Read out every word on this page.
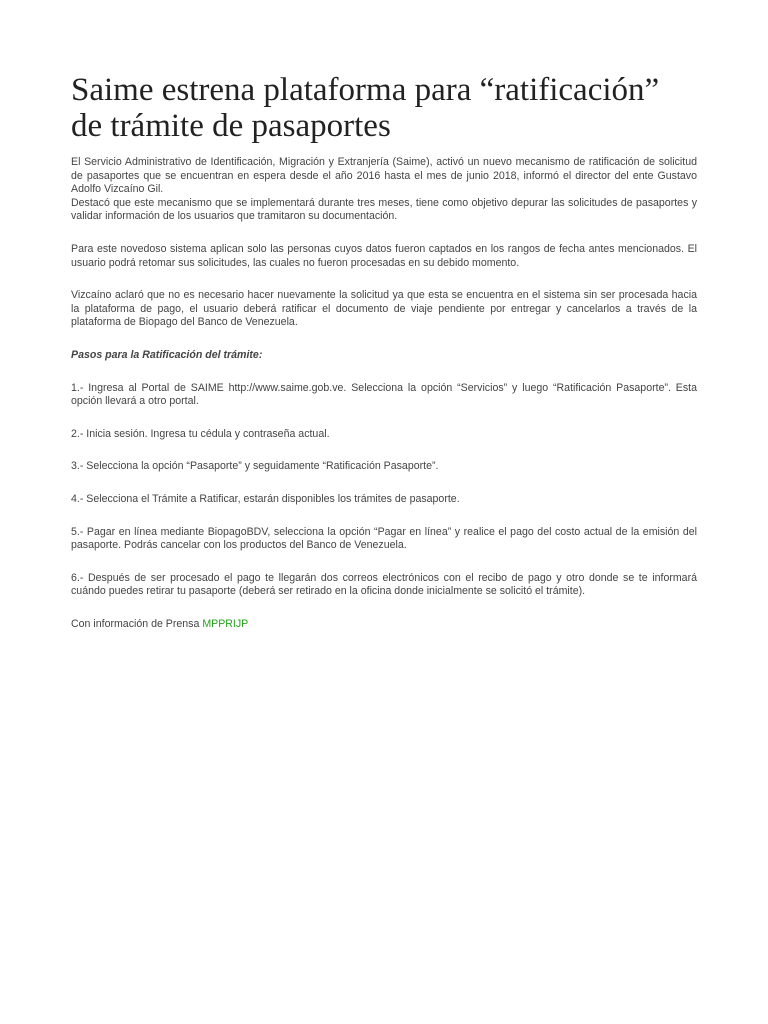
Saime estrena plataforma para “ratificación” de trámite de pasaportes

El Servicio Administrativo de Identificación, Migración y Extranjería (Saime), activó un nuevo mecanismo de ratificación de solicitud de pasaportes que se encuentran en espera desde el año 2016 hasta el mes de junio 2018, informó el director del ente Gustavo Adolfo Vizcaíno Gil.

Destacó que este mecanismo que se implementará durante tres meses, tiene como objetivo depurar las solicitudes de pasaportes y validar información de los usuarios que tramitaron su documentación.

Para este novedoso sistema aplican solo las personas cuyos datos fueron captados en los rangos de fecha antes mencionados. El usuario podrá retomar sus solicitudes, las cuales no fueron procesadas en su debido momento.

Vizcaíno aclaró que no es necesario hacer nuevamente la solicitud ya que esta se encuentra en el sistema sin ser procesada hacia la plataforma de pago, el usuario deberá ratificar el documento de viaje pendiente por entregar y cancelarlos a través de la plataforma de Biopago del Banco de Venezuela.

Pasos para la Ratificación del trámite:

1.- Ingresa al Portal de SAIME http://www.saime.gob.ve. Selecciona la opción “Servicios” y luego “Ratificación Pasaporte”. Esta opción llevará a otro portal.

2.- Inicia sesión. Ingresa tu cédula y contraseña actual.

3.- Selecciona la opción “Pasaporte” y seguidamente “Ratificación Pasaporte”.

4.- Selecciona el Trámite a Ratificar, estarán disponibles los trámites de pasaporte.

5.- Pagar en línea mediante BiopagoBDV, selecciona la opción “Pagar en línea” y realice el pago del costo actual de la emisión del pasaporte. Podrás cancelar con los productos del Banco de Venezuela.

6.- Después de ser procesado el pago te llegarán dos correos electrónicos con el recibo de pago y otro donde se te informará cuándo puedes retirar tu pasaporte (deberá ser retirado en la oficina donde inicialmente se solicitó el trámite).

Con información de Prensa MPPRIJP
